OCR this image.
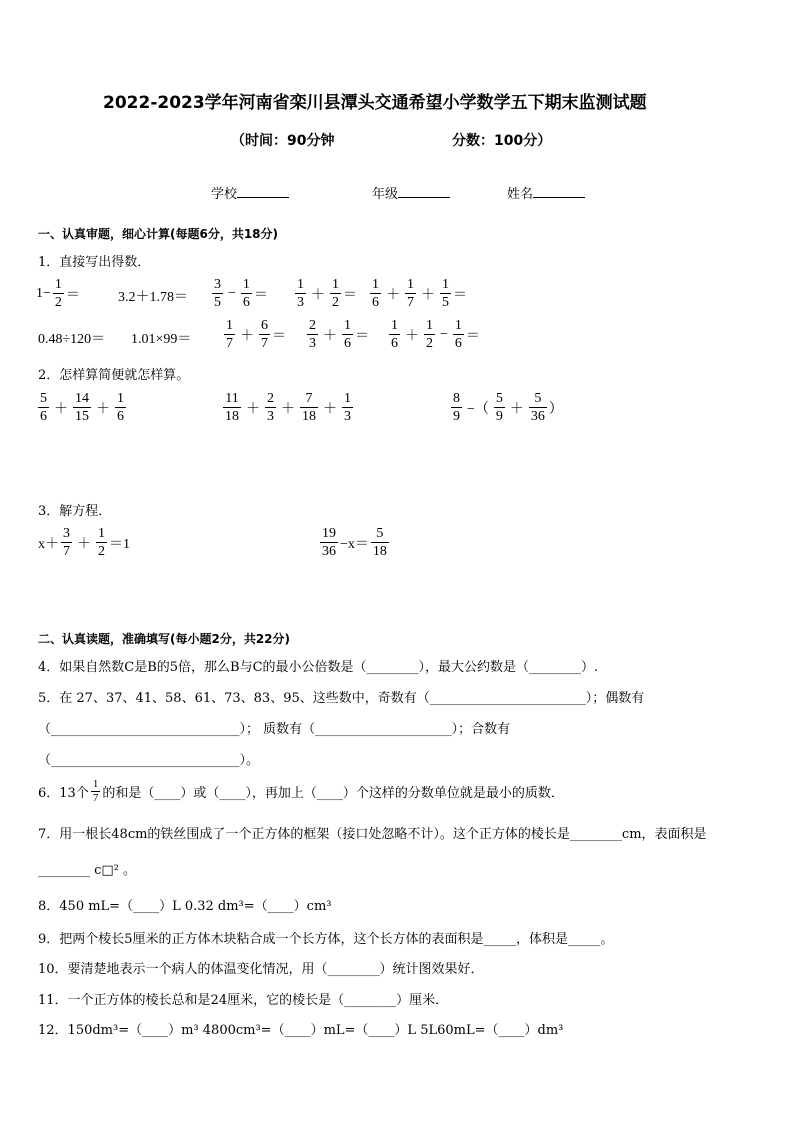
2022-2023学年河南省栾川县潭头交通希望小学数学五下期末监测试题
（时间：90分钟	分数：100分）
学校	年级	姓名
一、认真审题，细心计算(每题6分，共18分)
1．直接写出得数．
$1- \frac{1}{2}$ ＝	$3.2+1.78= \frac{3}{5} - \frac{1}{6} = \frac{1}{3} + \frac{1}{2} = \frac{1}{6} + \frac{1}{7} + \frac{1}{5}$ ＝
$0.48\div 120= 1.01\times 99= \frac{1}{7} + \frac{6}{7} = \frac{2}{3} + \frac{1}{6} = \frac{1}{6} + \frac{1}{2} - \frac{1}{6}$ ＝
2．怎样算简便就怎样算。
$\frac{5}{6} + \frac{14}{15} + \frac{1}{6}$	$\frac{11}{18} + \frac{2}{3} + \frac{7}{18} + \frac{1}{3}$	$\frac{8}{9}$ −（ $\frac{5}{9} + \frac{5}{36}$ ）
3．解方程．
$x+ \frac{3}{7} + \frac{1}{2} =1$	$\frac{19}{36} -x= \frac{5}{18}$
二、认真读题，准确填写(每小题2分，共22分)
4．如果自然数C是B的5倍，那么B与C的最小公倍数是（________），最大公约数是（________）.
5．在 27、37、41、58、61、73、83、95、这些数中，奇数有（________________________）；偶数有
（_____________________________）； 质数有（_____________________）；合数有
（_____________________________）。
6．13个 $\frac{1}{7}$ 的和是（____）或（____），再加上（____）个这样的分数单位就是最小的质数．
7．用一根长48cm的铁丝围成了一个正方体的框架（接口处忽略不计）。这个正方体的棱长是________cm，表面积是
________ c□² 。
8．450 mL=（____）L 0.32 dm³=（____）cm³
9．把两个棱长5厘米的正方体木块粘合成一个长方体，这个长方体的表面积是_____，体积是_____。
10．要清楚地表示一个病人的体温变化情况，用（________）统计图效果好．
11．一个正方体的棱长总和是24厘米，它的棱长是（________）厘米．
12．150dm³=（____）m³ 4800cm³=（____）mL=（____）L 5L60mL=（____）dm³
